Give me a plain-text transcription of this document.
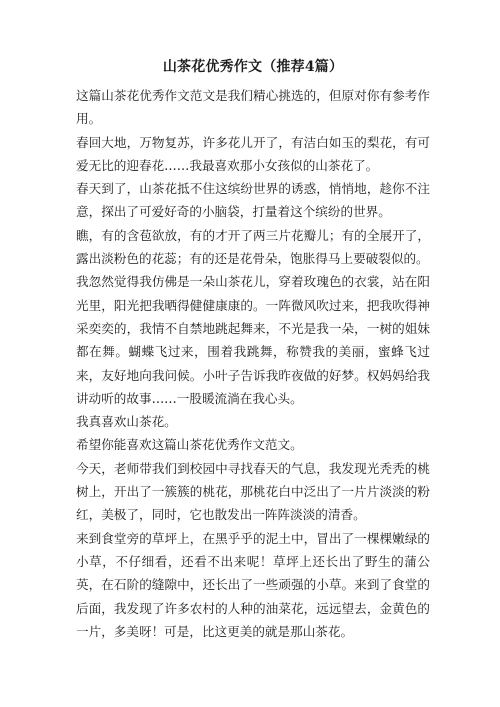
山茶花优秀作文（推荐4篇）

这篇山茶花优秀作文范文是我们精心挑选的，但原对你有参考作用。

春回大地，万物复苏，许多花儿开了，有洁白如玉的梨花，有可爱无比的迎春花……我最喜欢那小女孩似的山茶花了。

春天到了，山茶花抵不住这缤纷世界的诱惑，悄悄地，趁你不注意，探出了可爱好奇的小脑袋，打量着这个缤纷的世界。

瞧，有的含苞欲放，有的才开了两三片花瓣儿；有的全展开了，露出淡粉色的花蕊；有的还是花骨朵，饱胀得马上要破裂似的。

我忽然觉得我仿佛是一朵山茶花儿，穿着玫瑰色的衣裳，站在阳光里，阳光把我晒得健健康康的。一阵微风吹过来，把我吹得神采奕奕的，我情不自禁地跳起舞来，不光是我一朵，一树的姐妹都在舞。蝴蝶飞过来，围着我跳舞，称赞我的美丽，蜜蜂飞过来，友好地向我问候。小叶子告诉我昨夜做的好梦。权妈妈给我讲动听的故事……一股暖流淌在我心头。

我真喜欢山茶花。

希望你能喜欢这篇山茶花优秀作文范文。

今天，老师带我们到校园中寻找春天的气息，我发现光秃秃的桃树上，开出了一簇簇的桃花，那桃花白中泛出了一片片淡淡的粉红，美极了，同时，它也散发出一阵阵淡淡的清香。

来到食堂旁的草坪上，在黑乎乎的泥土中，冒出了一棵棵嫩绿的小草，不仔细看，还看不出来呢！草坪上还长出了野生的蒲公英，在石阶的缝隙中，还长出了一些顽强的小草。来到了食堂的后面，我发现了许多农村的人种的油菜花，远远望去，金黄色的一片，多美呀！可是，比这更美的就是那山茶花。
